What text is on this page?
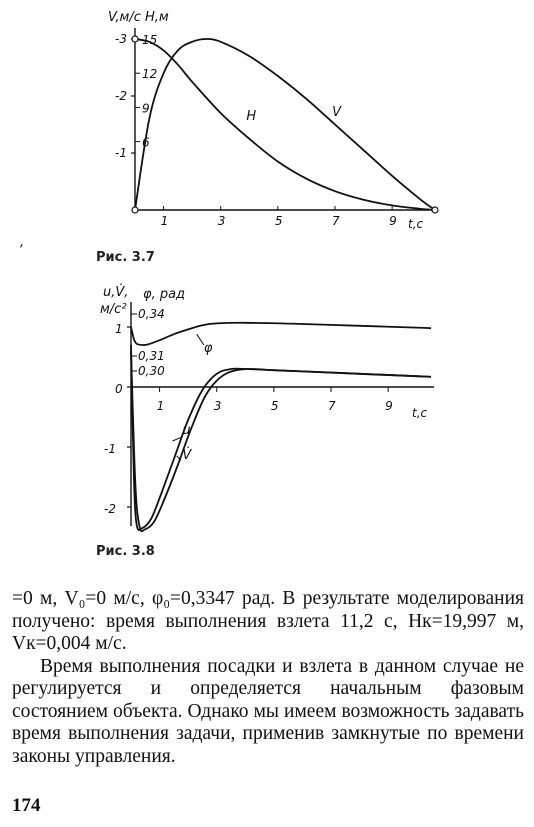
V,м/с H,м
t,с
-3
-2
-1
15
12
9
6
1	3	5	7	9
H	V
,
u,V̇, φ, рад
м/с²
t,с
1
0
-1
-2
0,34
0,31
0,30
1	3	5	7	9
φ
u
V̇
Рис. 3.7
Рис. 3.8

=0 м, V₀=0 м/с, φ₀=0,3347 рад. В результате моделирования получено: время выполнения взлета 11,2 с, Hк=19,997 м, Vк=0,004 м/с.

Время выполнения посадки и взлета в данном случае не регулируется и определяется начальным фазовым состоянием объекта. Однако мы имеем возможность задавать время выполнения задачи, применив замкнутые по времени законы управления.

174
